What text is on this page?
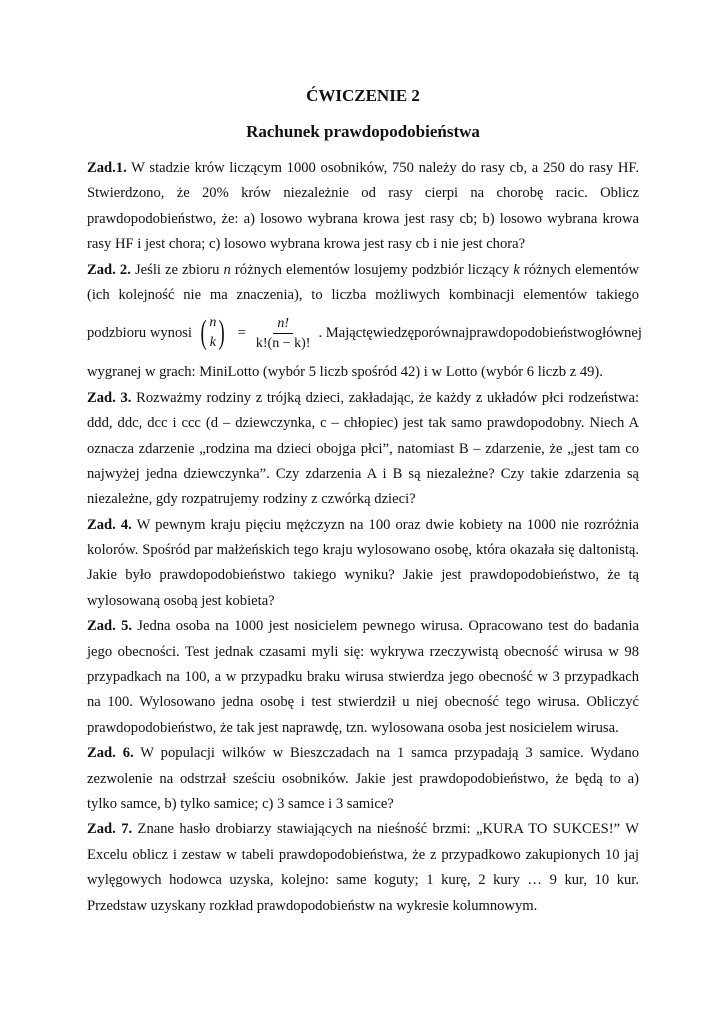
ĆWICZENIE 2
Rachunek prawdopodobieństwa
Zad.1. W stadzie krów liczącym 1000 osobników, 750 należy do rasy cb, a 250 do rasy HF.
Stwierdzono, że 20% krów niezależnie od rasy cierpi na chorobę racic. Oblicz
prawdopodobieństwo, że: a) losowo wybrana krowa jest rasy cb; b) losowo wybrana krowa
rasy HF i jest chora; c) losowo wybrana krowa jest rasy cb i nie jest chora?
Zad. 2. Jeśli ze zbioru n różnych elementów losujemy podzbiór liczący k różnych elementów
(ich kolejność nie ma znaczenia), to liczba możliwych kombinacji elementów takiego
podzbioru wynosi ( n
k ) = $\frac{n!}{k!(n - k)!}$ . Mając tę wiedzę porównaj prawdopodobieństwo głównej
wygranej w grach: MiniLotto (wybór 5 liczb spośród 42) i w Lotto (wybór 6 liczb z 49).
Zad. 3. Rozważmy rodziny z trójką dzieci, zakładając, że każdy z układów płci rodzeństwa:
ddd, ddc, dcc i ccc (d – dziewczynka, c – chłopiec) jest tak samo prawdopodobny. Niech A
oznacza zdarzenie „rodzina ma dzieci obojga płci”, natomiast B – zdarzenie, że „jest tam co
najwyżej jedna dziewczynka”. Czy zdarzenia A i B są niezależne? Czy takie zdarzenia są
niezależne, gdy rozpatrujemy rodziny z czwórką dzieci?
Zad. 4. W pewnym kraju pięciu mężczyzn na 100 oraz dwie kobiety na 1000 nie rozróżnia
kolorów. Spośród par małżeńskich tego kraju wylosowano osobę, która okazała się daltonistą.
Jakie było prawdopodobieństwo takiego wyniku? Jakie jest prawdopodobieństwo, że tą
wylosowaną osobą jest kobieta?
Zad. 5. Jedna osoba na 1000 jest nosicielem pewnego wirusa. Opracowano test do badania
jego obecności. Test jednak czasami myli się: wykrywa rzeczywistą obecność wirusa w 98
przypadkach na 100, a w przypadku braku wirusa stwierdza jego obecność w 3 przypadkach
na 100. Wylosowano jedna osobę i test stwierdził u niej obecność tego wirusa. Obliczyć
prawdopodobieństwo, że tak jest naprawdę, tzn. wylosowana osoba jest nosicielem wirusa.
Zad. 6. W populacji wilków w Bieszczadach na 1 samca przypadają 3 samice. Wydano
zezwolenie na odstrzał sześciu osobników. Jakie jest prawdopodobieństwo, że będą to a)
tylko samce, b) tylko samice; c) 3 samce i 3 samice?
Zad. 7. Znane hasło drobiarzy stawiających na nieśność brzmi: „KURA TO SUKCES!” W
Excelu oblicz i zestaw w tabeli prawdopodobieństwa, że z przypadkowo zakupionych 10 jaj
wylęgowych hodowca uzyska, kolejno: same koguty; 1 kurę, 2 kury … 9 kur, 10 kur.
Przedstaw uzyskany rozkład prawdopodobieństw na wykresie kolumnowym.
